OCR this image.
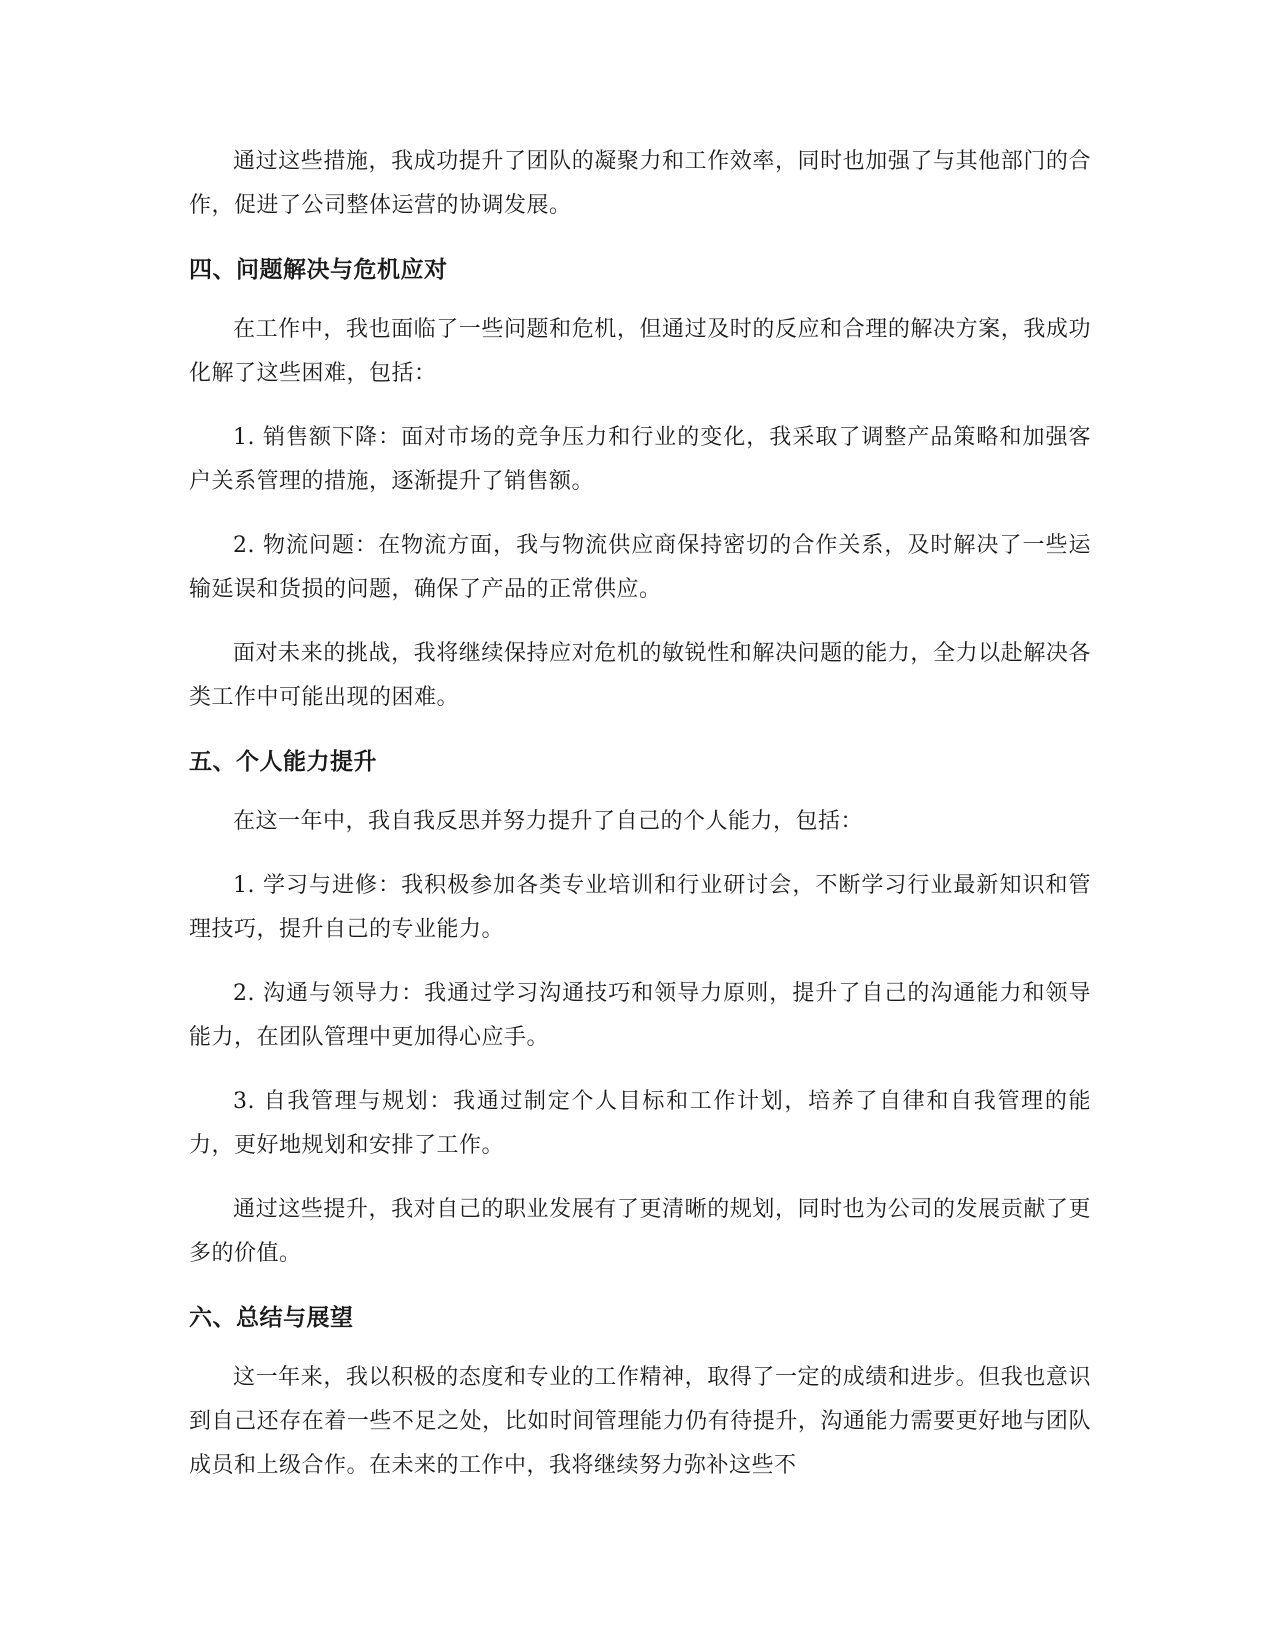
通过这些措施，我成功提升了团队的凝聚力和工作效率，同时也加强了与其他部门的合作，促进了公司整体运营的协调发展。

四、问题解决与危机应对

在工作中，我也面临了一些问题和危机，但通过及时的反应和合理的解决方案，我成功化解了这些困难，包括：

1. 销售额下降：面对市场的竞争压力和行业的变化，我采取了调整产品策略和加强客户关系管理的措施，逐渐提升了销售额。

2. 物流问题：在物流方面，我与物流供应商保持密切的合作关系，及时解决了一些运输延误和货损的问题，确保了产品的正常供应。

面对未来的挑战，我将继续保持应对危机的敏锐性和解决问题的能力，全力以赴解决各类工作中可能出现的困难。

五、个人能力提升

在这一年中，我自我反思并努力提升了自己的个人能力，包括：

1. 学习与进修：我积极参加各类专业培训和行业研讨会，不断学习行业最新知识和管理技巧，提升自己的专业能力。

2. 沟通与领导力：我通过学习沟通技巧和领导力原则，提升了自己的沟通能力和领导能力，在团队管理中更加得心应手。

3. 自我管理与规划：我通过制定个人目标和工作计划，培养了自律和自我管理的能力，更好地规划和安排了工作。

通过这些提升，我对自己的职业发展有了更清晰的规划，同时也为公司的发展贡献了更多的价值。

六、总结与展望

这一年来，我以积极的态度和专业的工作精神，取得了一定的成绩和进步。但我也意识到自己还存在着一些不足之处，比如时间管理能力仍有待提升，沟通能力需要更好地与团队成员和上级合作。在未来的工作中，我将继续努力弥补这些不
